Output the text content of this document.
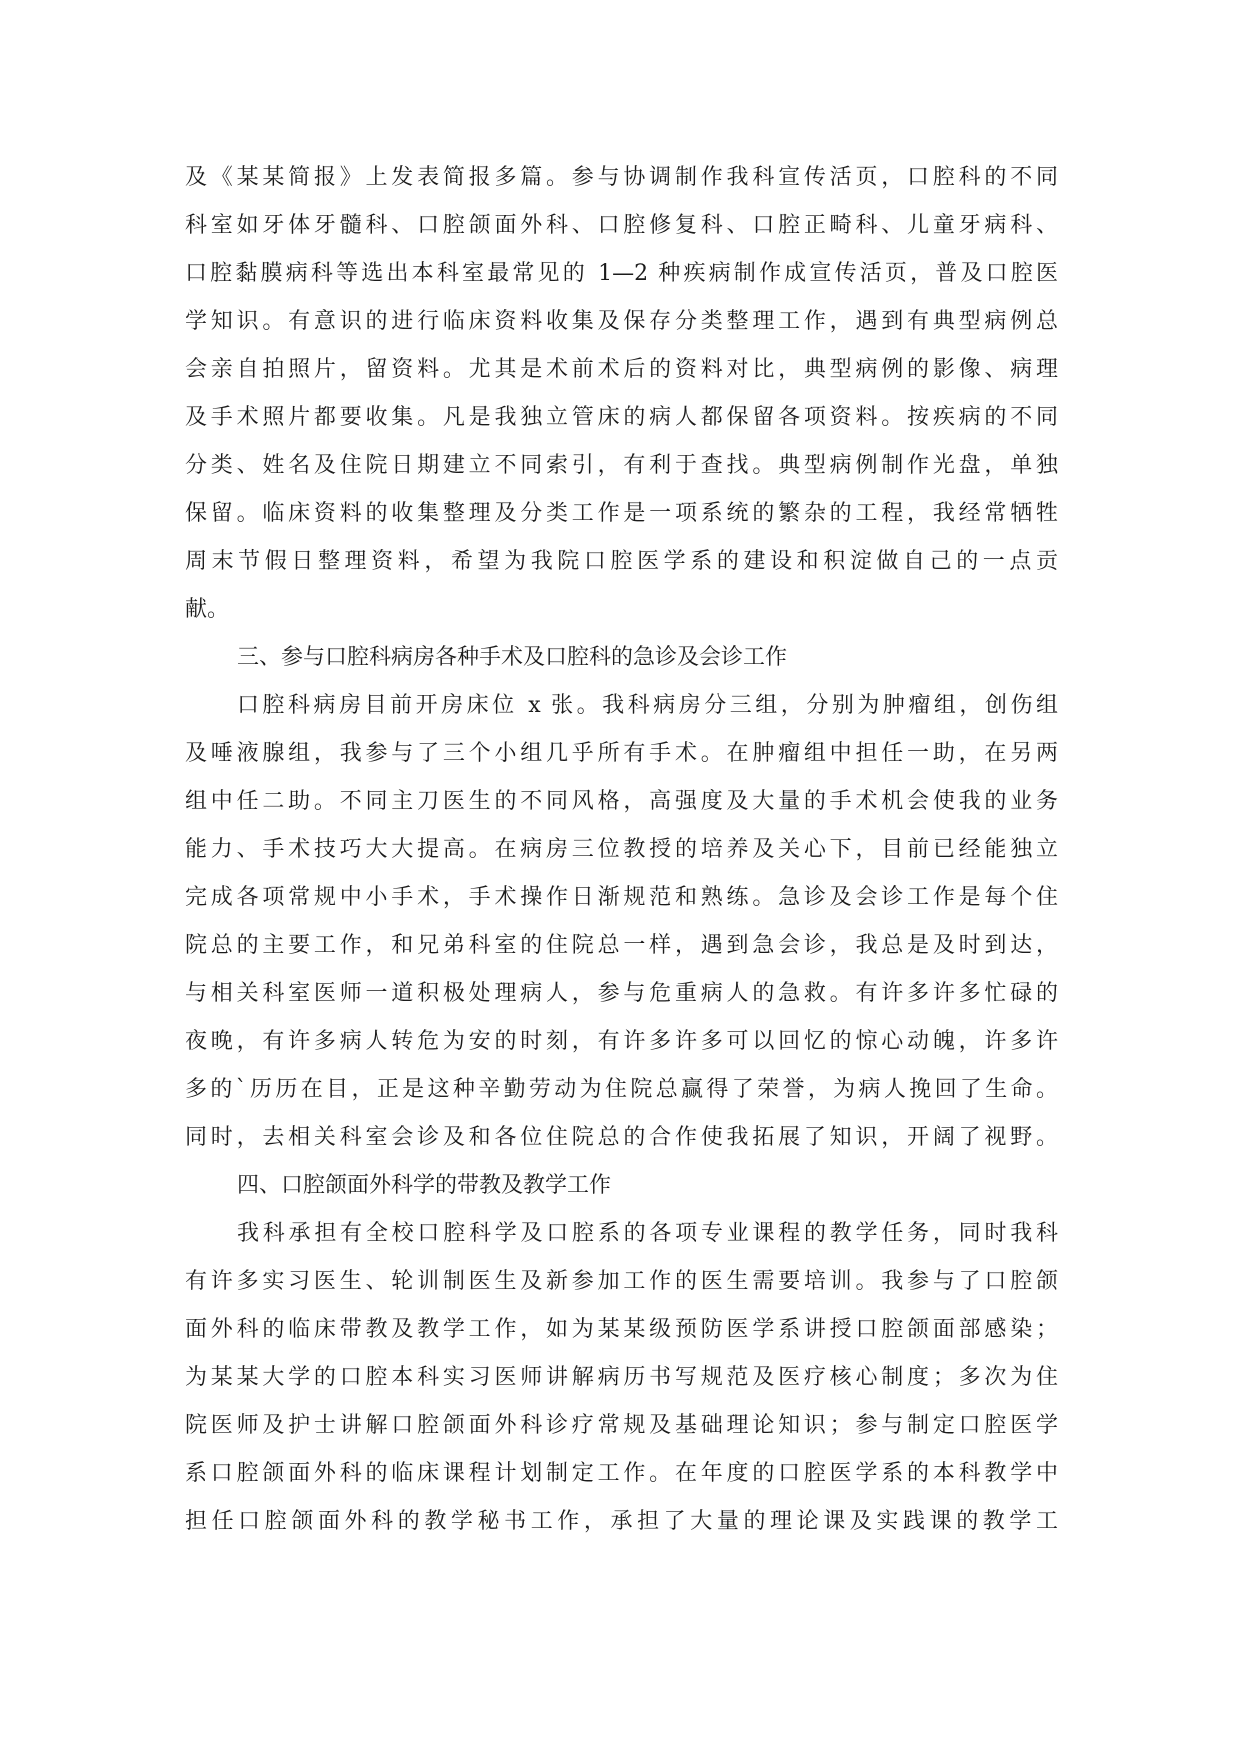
及《某某简报》上发表简报多篇。参与协调制作我科宣传活页，口腔科的不同
科室如牙体牙髓科、口腔颌面外科、口腔修复科、口腔正畸科、儿童牙病科、
口腔黏膜病科等选出本科室最常见的 1—2 种疾病制作成宣传活页，普及口腔医
学知识。有意识的进行临床资料收集及保存分类整理工作，遇到有典型病例总
会亲自拍照片，留资料。尤其是术前术后的资料对比，典型病例的影像、病理
及手术照片都要收集。凡是我独立管床的病人都保留各项资料。按疾病的不同
分类、姓名及住院日期建立不同索引，有利于查找。典型病例制作光盘，单独
保留。临床资料的收集整理及分类工作是一项系统的繁杂的工程，我经常牺牲
周末节假日整理资料，希望为我院口腔医学系的建设和积淀做自己的一点贡
献。
三、参与口腔科病房各种手术及口腔科的急诊及会诊工作
口腔科病房目前开房床位 x 张。我科病房分三组，分别为肿瘤组，创伤组
及唾液腺组，我参与了三个小组几乎所有手术。在肿瘤组中担任一助，在另两
组中任二助。不同主刀医生的不同风格，高强度及大量的手术机会使我的业务
能力、手术技巧大大提高。在病房三位教授的培养及关心下，目前已经能独立
完成各项常规中小手术，手术操作日渐规范和熟练。急诊及会诊工作是每个住
院总的主要工作，和兄弟科室的住院总一样，遇到急会诊，我总是及时到达，
与相关科室医师一道积极处理病人，参与危重病人的急救。有许多许多忙碌的
夜晚，有许多病人转危为安的时刻，有许多许多可以回忆的惊心动魄，许多许
多的`历历在目，正是这种辛勤劳动为住院总赢得了荣誉，为病人挽回了生命。
同时，去相关科室会诊及和各位住院总的合作使我拓展了知识，开阔了视野。
四、口腔颌面外科学的带教及教学工作
我科承担有全校口腔科学及口腔系的各项专业课程的教学任务，同时我科
有许多实习医生、轮训制医生及新参加工作的医生需要培训。我参与了口腔颌
面外科的临床带教及教学工作，如为某某级预防医学系讲授口腔颌面部感染；
为某某大学的口腔本科实习医师讲解病历书写规范及医疗核心制度；多次为住
院医师及护士讲解口腔颌面外科诊疗常规及基础理论知识；参与制定口腔医学
系口腔颌面外科的临床课程计划制定工作。在年度的口腔医学系的本科教学中
担任口腔颌面外科的教学秘书工作，承担了大量的理论课及实践课的教学工
